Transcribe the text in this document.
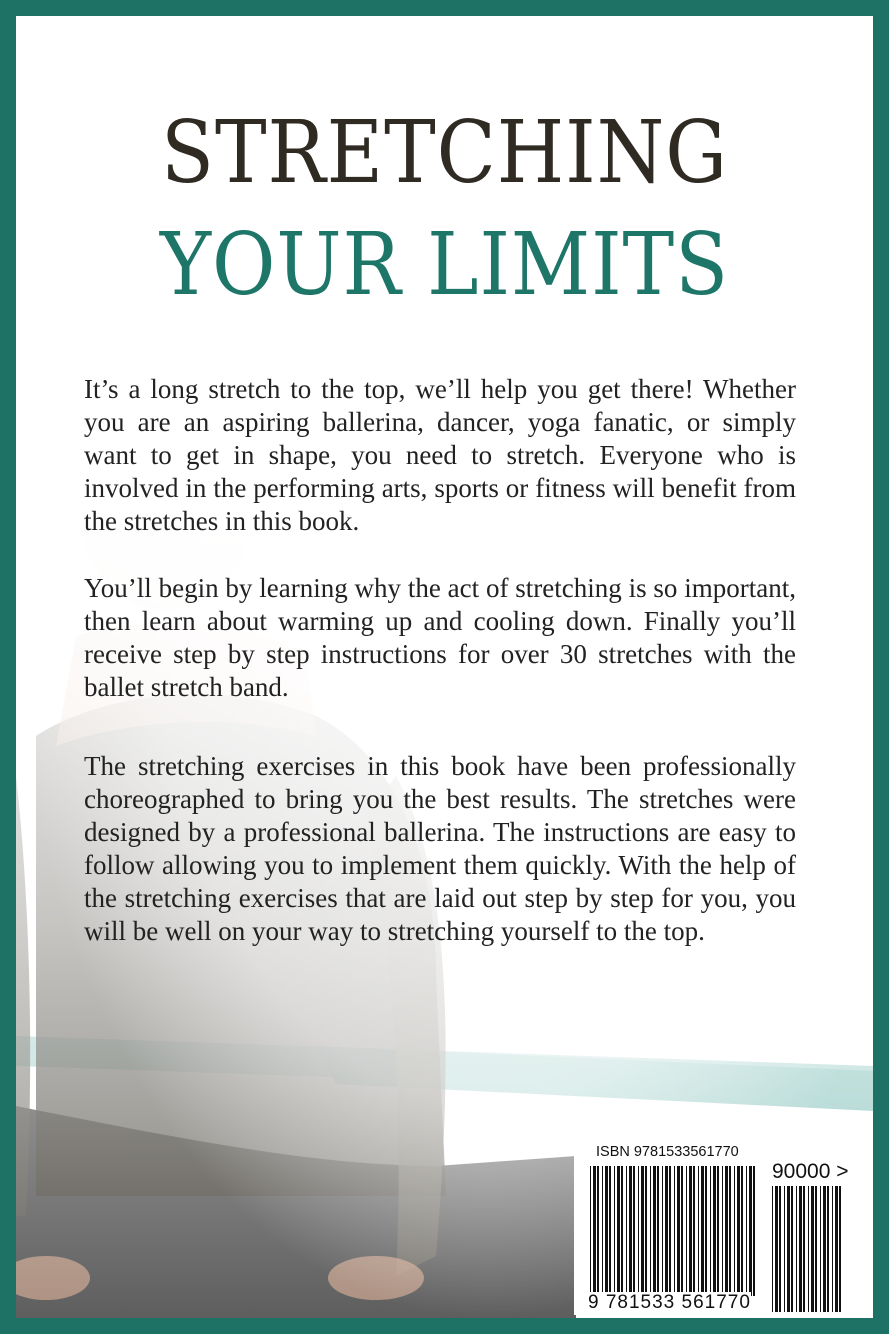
STRETCHING
YOUR LIMITS

It’s a long stretch to the top, we’ll help you get there! Whether you are an aspiring ballerina, dancer, yoga fanatic, or simply want to get in shape, you need to stretch. Everyone who is involved in the performing arts, sports or fitness will benefit from the stretches in this book.

You’ll begin by learning why the act of stretching is so important, then learn about warming up and cooling down. Finally you’ll receive step by step instructions for over 30 stretches with the ballet stretch band.

The stretching exercises in this book have been professionally choreographed to bring you the best results. The stretches were designed by a professional ballerina. The instructions are easy to follow allowing you to implement them quickly. With the help of the stretching exercises that are laid out step by step for you, you will be well on your way to stretching yourself to the top.

ISBN 9781533561770
90000 >
9 781533 561770
